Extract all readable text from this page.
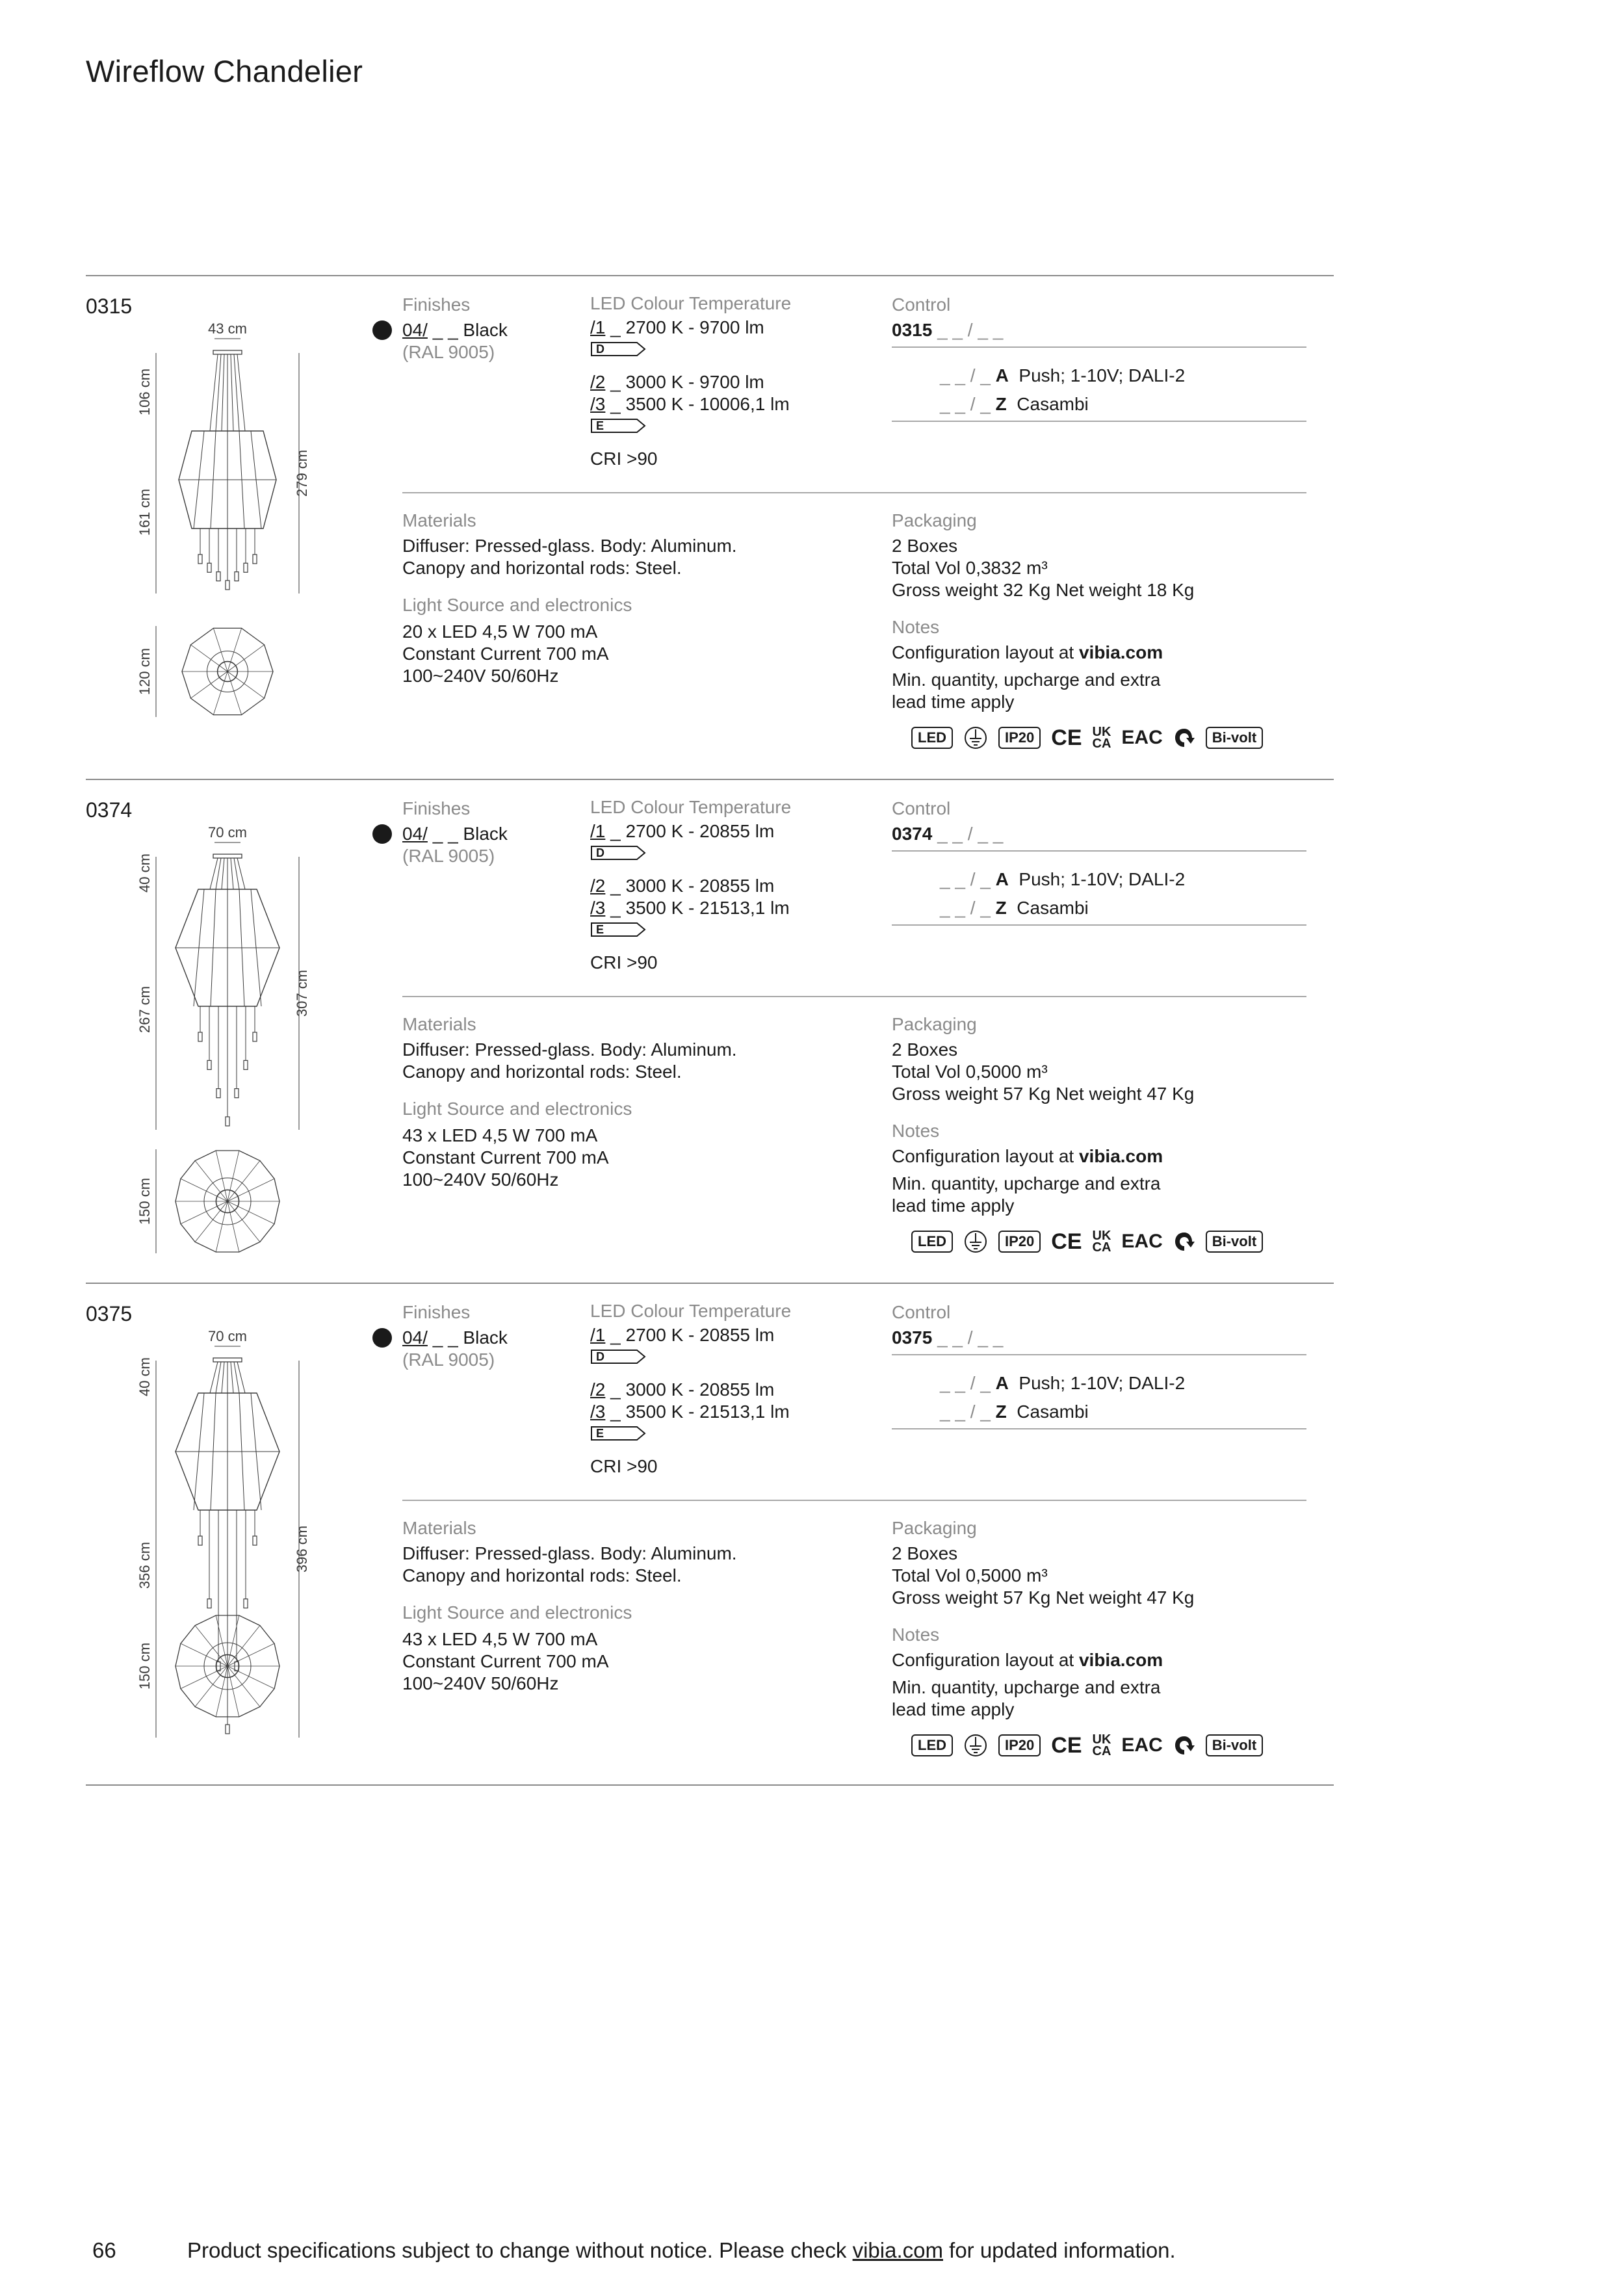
Wireflow Chandelier
0315
43 cm
106 cm
161 cm
279 cm
120 cm
Finishes
04/ _ _ Black
(RAL 9005)
LED Colour Temperature
/1 _ 2700 K - 9700 lm
D
/2 _ 3000 K - 9700 lm
/3 _ 3500 K - 10006,1 lm
E
CRI >90
Control
0315 _ _ / _ _
_ _ / _ A Push; 1-10V; DALI-2
_ _ / _ Z Casambi
Materials
Diffuser: Pressed-glass. Body: Aluminum.
Canopy and horizontal rods: Steel.
Light Source and electronics
20 x LED 4,5 W 700 mA
Constant Current 700 mA
100~240V 50/60Hz
Packaging
2 Boxes
Total Vol 0,3832 m³
Gross weight 32 Kg Net weight 18 Kg
Notes
Configuration layout at vibia.com
Min. quantity, upcharge and extra
lead time apply
LED	IP20 CE UK
CA EAC	Bi-volt
0374
70 cm
40 cm
267 cm	307 cm
150 cm
Finishes
04/ _ _ Black
(RAL 9005)
LED Colour Temperature
/1 _ 2700 K - 20855 lm
D
/2 _ 3000 K - 20855 lm
/3 _ 3500 K - 21513,1 lm
E
CRI >90
Control
0374 _ _ / _ _
_ _ / _ A Push; 1-10V; DALI-2
_ _ / _ Z Casambi
Materials
Diffuser: Pressed-glass. Body: Aluminum.
Canopy and horizontal rods: Steel.
Light Source and electronics
43 x LED 4,5 W 700 mA
Constant Current 700 mA
100~240V 50/60Hz
Packaging
2 Boxes
Total Vol 0,5000 m³
Gross weight 57 Kg Net weight 47 Kg
Notes
Configuration layout at vibia.com
Min. quantity, upcharge and extra
lead time apply
LED	IP20 CE UK
CA EAC	Bi-volt
0375
70 cm
40 cm
356 cm	396 cm
150 cm
Finishes
04/ _ _ Black
(RAL 9005)
LED Colour Temperature
/1 _ 2700 K - 20855 lm
D
/2 _ 3000 K - 20855 lm
/3 _ 3500 K - 21513,1 lm
E
CRI >90
Control
0375 _ _ / _ _
_ _ / _ A Push; 1-10V; DALI-2
_ _ / _ Z Casambi
Materials
Diffuser: Pressed-glass. Body: Aluminum.
Canopy and horizontal rods: Steel.
Light Source and electronics
43 x LED 4,5 W 700 mA
Constant Current 700 mA
100~240V 50/60Hz
Packaging
2 Boxes
Total Vol 0,5000 m³
Gross weight 57 Kg Net weight 47 Kg
Notes
Configuration layout at vibia.com
Min. quantity, upcharge and extra
lead time apply
LED	IP20 CE UK
CA EAC	Bi-volt
66	Product specifications subject to change without notice. Please check vibia.com for updated information.
